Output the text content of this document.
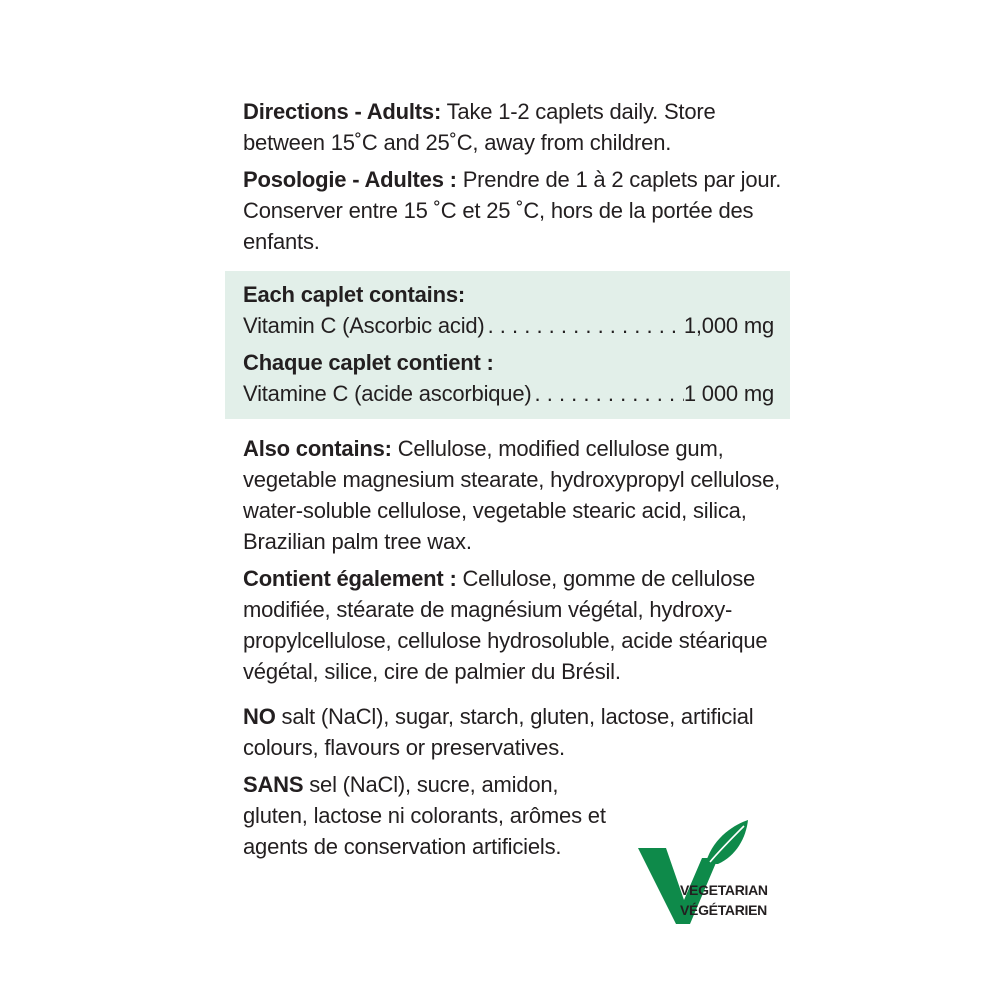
Directions - Adults: Take 1-2 caplets daily. Store between 15˚C and 25˚C, away from children.

Posologie - Adultes : Prendre de 1 à 2 caplets par jour. Conserver entre 15 ˚C et 25 ˚C, hors de la portée des enfants.

Each caplet contains:

Vitamin C (Ascorbic acid) . . .	1,000 mg

Chaque caplet contient :

Vitamine C (acide ascorbique) . . .	1 000 mg

Also contains: Cellulose, modified cellulose gum, vegetable magnesium stearate, hydroxypropyl cellulose, water-soluble cellulose, vegetable stearic acid, silica, Brazilian palm tree wax.

Contient également : Cellulose, gomme de cellulose modifiée, stéarate de magnésium végétal, hydroxy- propylcellulose, cellulose hydrosoluble, acide stéarique végétal, silice, cire de palmier du Brésil.

NO salt (NaCl), sugar, starch, gluten, lactose, artificial colours, flavours or preservatives.

SANS sel (NaCl), sucre, amidon, gluten, lactose ni colorants, arômes et agents de conservation artificiels.

VEGETARIAN
VÉGÉTARIEN
